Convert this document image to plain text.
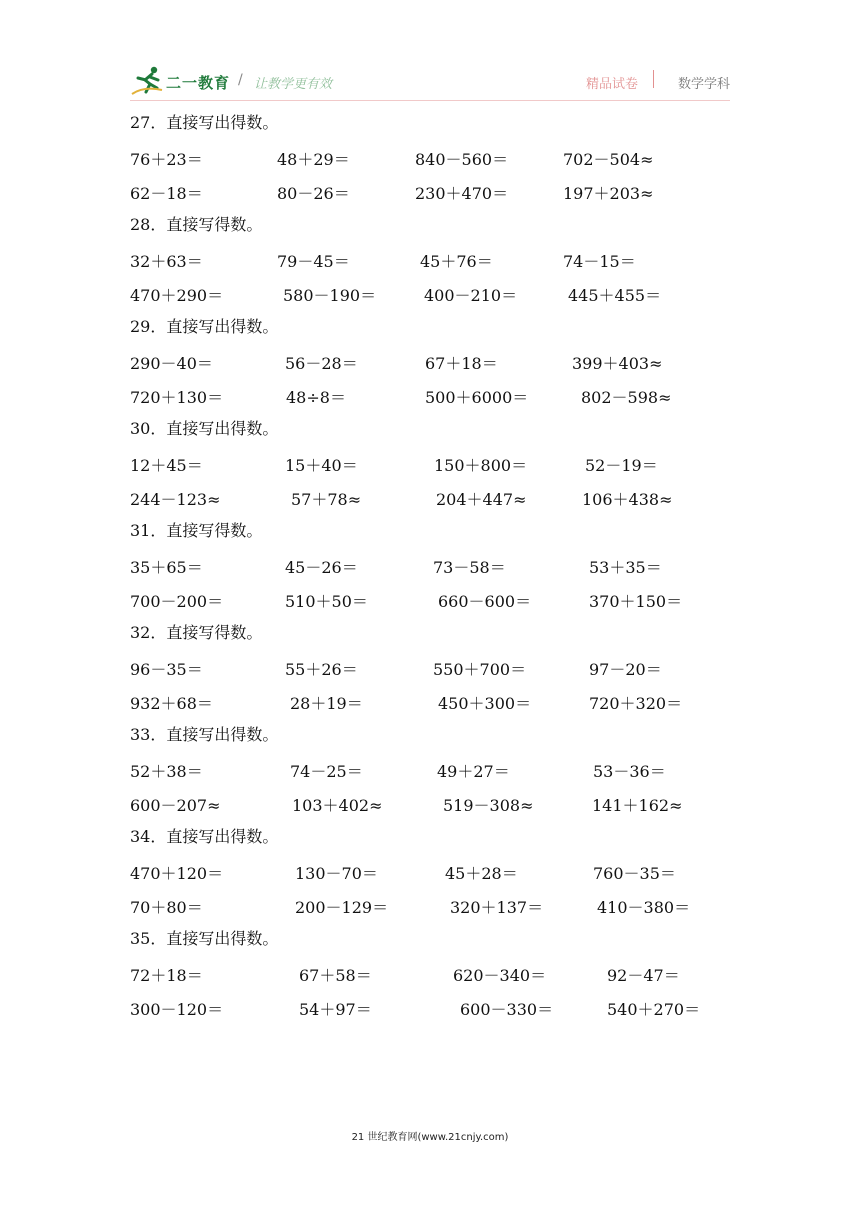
二一教育 / 让教学更有效	精品试卷	数学学科
27．直接写出得数。
76＋23＝	48＋29＝	840－560＝	702－504≈
62－18＝	80－26＝	230＋470＝	197＋203≈
28．直接写得数。
32＋63＝	79－45＝	45＋76＝	74－15＝
470＋290＝	580－190＝	400－210＝	445＋455＝
29．直接写出得数。
290－40＝	56－28＝	67＋18＝	399＋403≈
720＋130＝	48÷8＝	500＋6000＝	802－598≈
30．直接写出得数。
12＋45＝	15＋40＝	150＋800＝	52－19＝
244－123≈	57＋78≈	204＋447≈	106＋438≈
31．直接写得数。
35＋65＝	45－26＝	73－58＝	53＋35＝
700－200＝	510＋50＝	660－600＝	370＋150＝
32．直接写得数。
96－35＝	55＋26＝	550＋700＝	97－20＝
932＋68＝	28＋19＝	450＋300＝	720＋320＝
33．直接写出得数。
52＋38＝	74－25＝	49＋27＝	53－36＝
600－207≈	103＋402≈	519－308≈	141＋162≈
34．直接写出得数。
470＋120＝	130－70＝	45＋28＝	760－35＝
70＋80＝	200－129＝	320＋137＝	410－380＝
35．直接写出得数。
72＋18＝	67＋58＝	620－340＝	92－47＝
300－120＝	54＋97＝	600－330＝	540＋270＝
21 世纪教育网(www.21cnjy.com)
